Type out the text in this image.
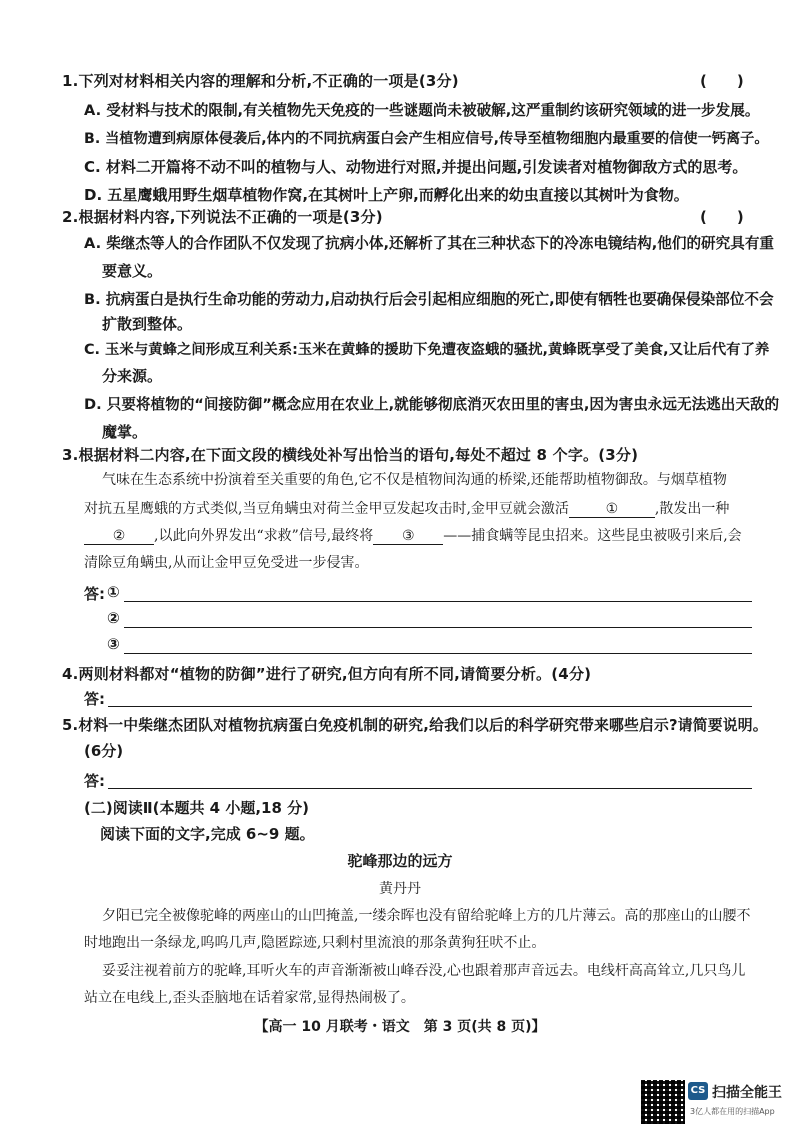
1.下列对材料相关内容的理解和分析,不正确的一项是(3分)	(　　)
A. 受材料与技术的限制,有关植物先天免疫的一些谜题尚未被破解,这严重制约该研究领域的进一步发展。
B. 当植物遭到病原体侵袭后,体内的不同抗病蛋白会产生相应信号,传导至植物细胞内最重要的信使一钙离子。
C. 材料二开篇将不动不叫的植物与人、动物进行对照,并提出问题,引发读者对植物御敌方式的思考。
D. 五星鹰蛾用野生烟草植物作窝,在其树叶上产卵,而孵化出来的幼虫直接以其树叶为食物。
2.根据材料内容,下列说法不正确的一项是(3分)	(　　)
A. 柴继杰等人的合作团队不仅发现了抗病小体,还解析了其在三种状态下的冷冻电镜结构,他们的研究具有重
要意义。
B. 抗病蛋白是执行生命功能的劳动力,启动执行后会引起相应细胞的死亡,即使有牺牲也要确保侵染部位不会
扩散到整体。
C. 玉米与黄蜂之间形成互利关系:玉米在黄蜂的援助下免遭夜盗蛾的骚扰,黄蜂既享受了美食,又让后代有了养
分来源。
D. 只要将植物的“间接防御”概念应用在农业上,就能够彻底消灭农田里的害虫,因为害虫永远无法逃出天敌的
魔掌。
3.根据材料二内容,在下面文段的横线处补写出恰当的语句,每处不超过 8 个字。(3分)
气味在生态系统中扮演着至关重要的角色,它不仅是植物间沟通的桥梁,还能帮助植物御敌。与烟草植物
对抗五星鹰蛾的方式类似,当豆角螨虫对荷兰金甲豆发起攻击时,金甲豆就会激活	①	,散发出一种
② ,以此向外界发出“求救”信号,最终将 ③ ——捕食螨等昆虫招来。这些昆虫被吸引来后,会
清除豆角螨虫,从而让金甲豆免受进一步侵害。
答: ①
②
③
4.两则材料都对“植物的防御”进行了研究,但方向有所不同,请简要分析。(4分)
答:
5.材料一中柴继杰团队对植物抗病蛋白免疫机制的研究,给我们以后的科学研究带来哪些启示?请简要说明。
(6分)
答:
(二)阅读Ⅱ(本题共 4 小题,18 分)
阅读下面的文字,完成 6~9 题。
驼峰那边的远方
黄丹丹
夕阳已完全被像驼峰的两座山的山凹掩盖,一缕余晖也没有留给驼峰上方的几片薄云。高的那座山的山腰不
时地跑出一条绿龙,呜呜几声,隐匿踪迹,只剩村里流浪的那条黄狗狂吠不止。
妥妥注视着前方的驼峰,耳听火车的声音渐渐被山峰吞没,心也跟着那声音远去。电线杆高高耸立,几只鸟儿
站立在电线上,歪头歪脑地在话着家常,显得热闹极了。
【高一 10 月联考・语文　第 3 页(共 8 页)】
CS 扫描全能王
3亿人都在用的扫描App
